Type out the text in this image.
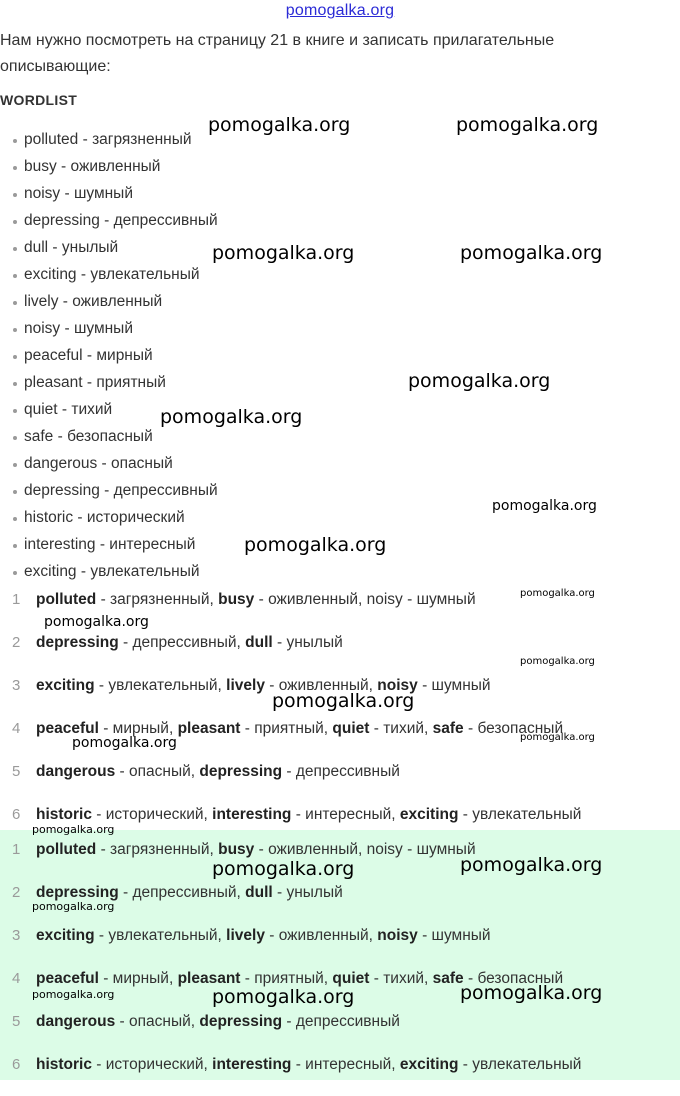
pomogalka.org
Нам нужно посмотреть на страницу 21 в книге и записать прилагательные описывающие:
WORDLIST
polluted - загрязненный
busy - оживленный
noisy - шумный
depressing - депрессивный
dull - унылый
exciting - увлекательный
lively - оживленный
noisy - шумный
peaceful - мирный
pleasant - приятный
quiet - тихий
safe - безопасный
dangerous - опасный
depressing - депрессивный
historic - исторический
interesting - интересный
exciting - увлекательный
1 polluted - загрязненный, busy - оживленный, noisy - шумный
2 depressing - депрессивный, dull - унылый
3 exciting - увлекательный, lively - оживленный, noisy - шумный
4 peaceful - мирный, pleasant - приятный, quiet - тихий, safe - безопасный
5 dangerous - опасный, depressing - депрессивный
6 historic - исторический, interesting - интересный, exciting - увлекательный
1 polluted - загрязненный, busy - оживленный, noisy - шумный
2 depressing - депрессивный, dull - унылый
3 exciting - увлекательный, lively - оживленный, noisy - шумный
4 peaceful - мирный, pleasant - приятный, quiet - тихий, safe - безопасный
5 dangerous - опасный, depressing - депрессивный
6 historic - исторический, interesting - интересный, exciting - увлекательный
pomogalka.org	pomogalka.org
pomogalka.org	pomogalka.org
pomogalka.org
pomogalka.org
pomogalka.org
pomogalka.org
pomogalka.org
pomogalka.org
pomogalka.org
pomogalka.org
pomogalka.org	pomogalka.org
pomogalka.org
pomogalka.org	pomogalka.org
pomogalka.org
pomogalka.org	pomogalka.org	pomogalka.org
